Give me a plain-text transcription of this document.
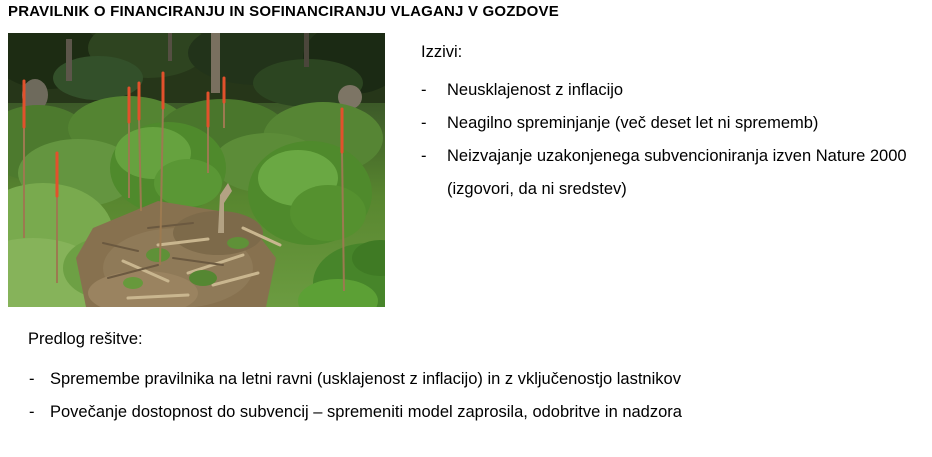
PRAVILNIK O FINANCIRANJU IN SOFINANCIRANJU VLAGANJ V GOZDOVE
Izzivi:
-	Neusklajenost z inflacijo
-	Neagilno spreminjanje (več deset let ni sprememb)
-	Neizvajanje uzakonjenega subvencioniranja izven Nature 2000 (izgovori, da ni sredstev)
Predlog rešitve:
- Spremembe pravilnika na letni ravni (usklajenost z inflacijo) in z vključenostjo lastnikov
- Povečanje dostopnost do subvencij – spremeniti model zaprosila, odobritve in nadzora
